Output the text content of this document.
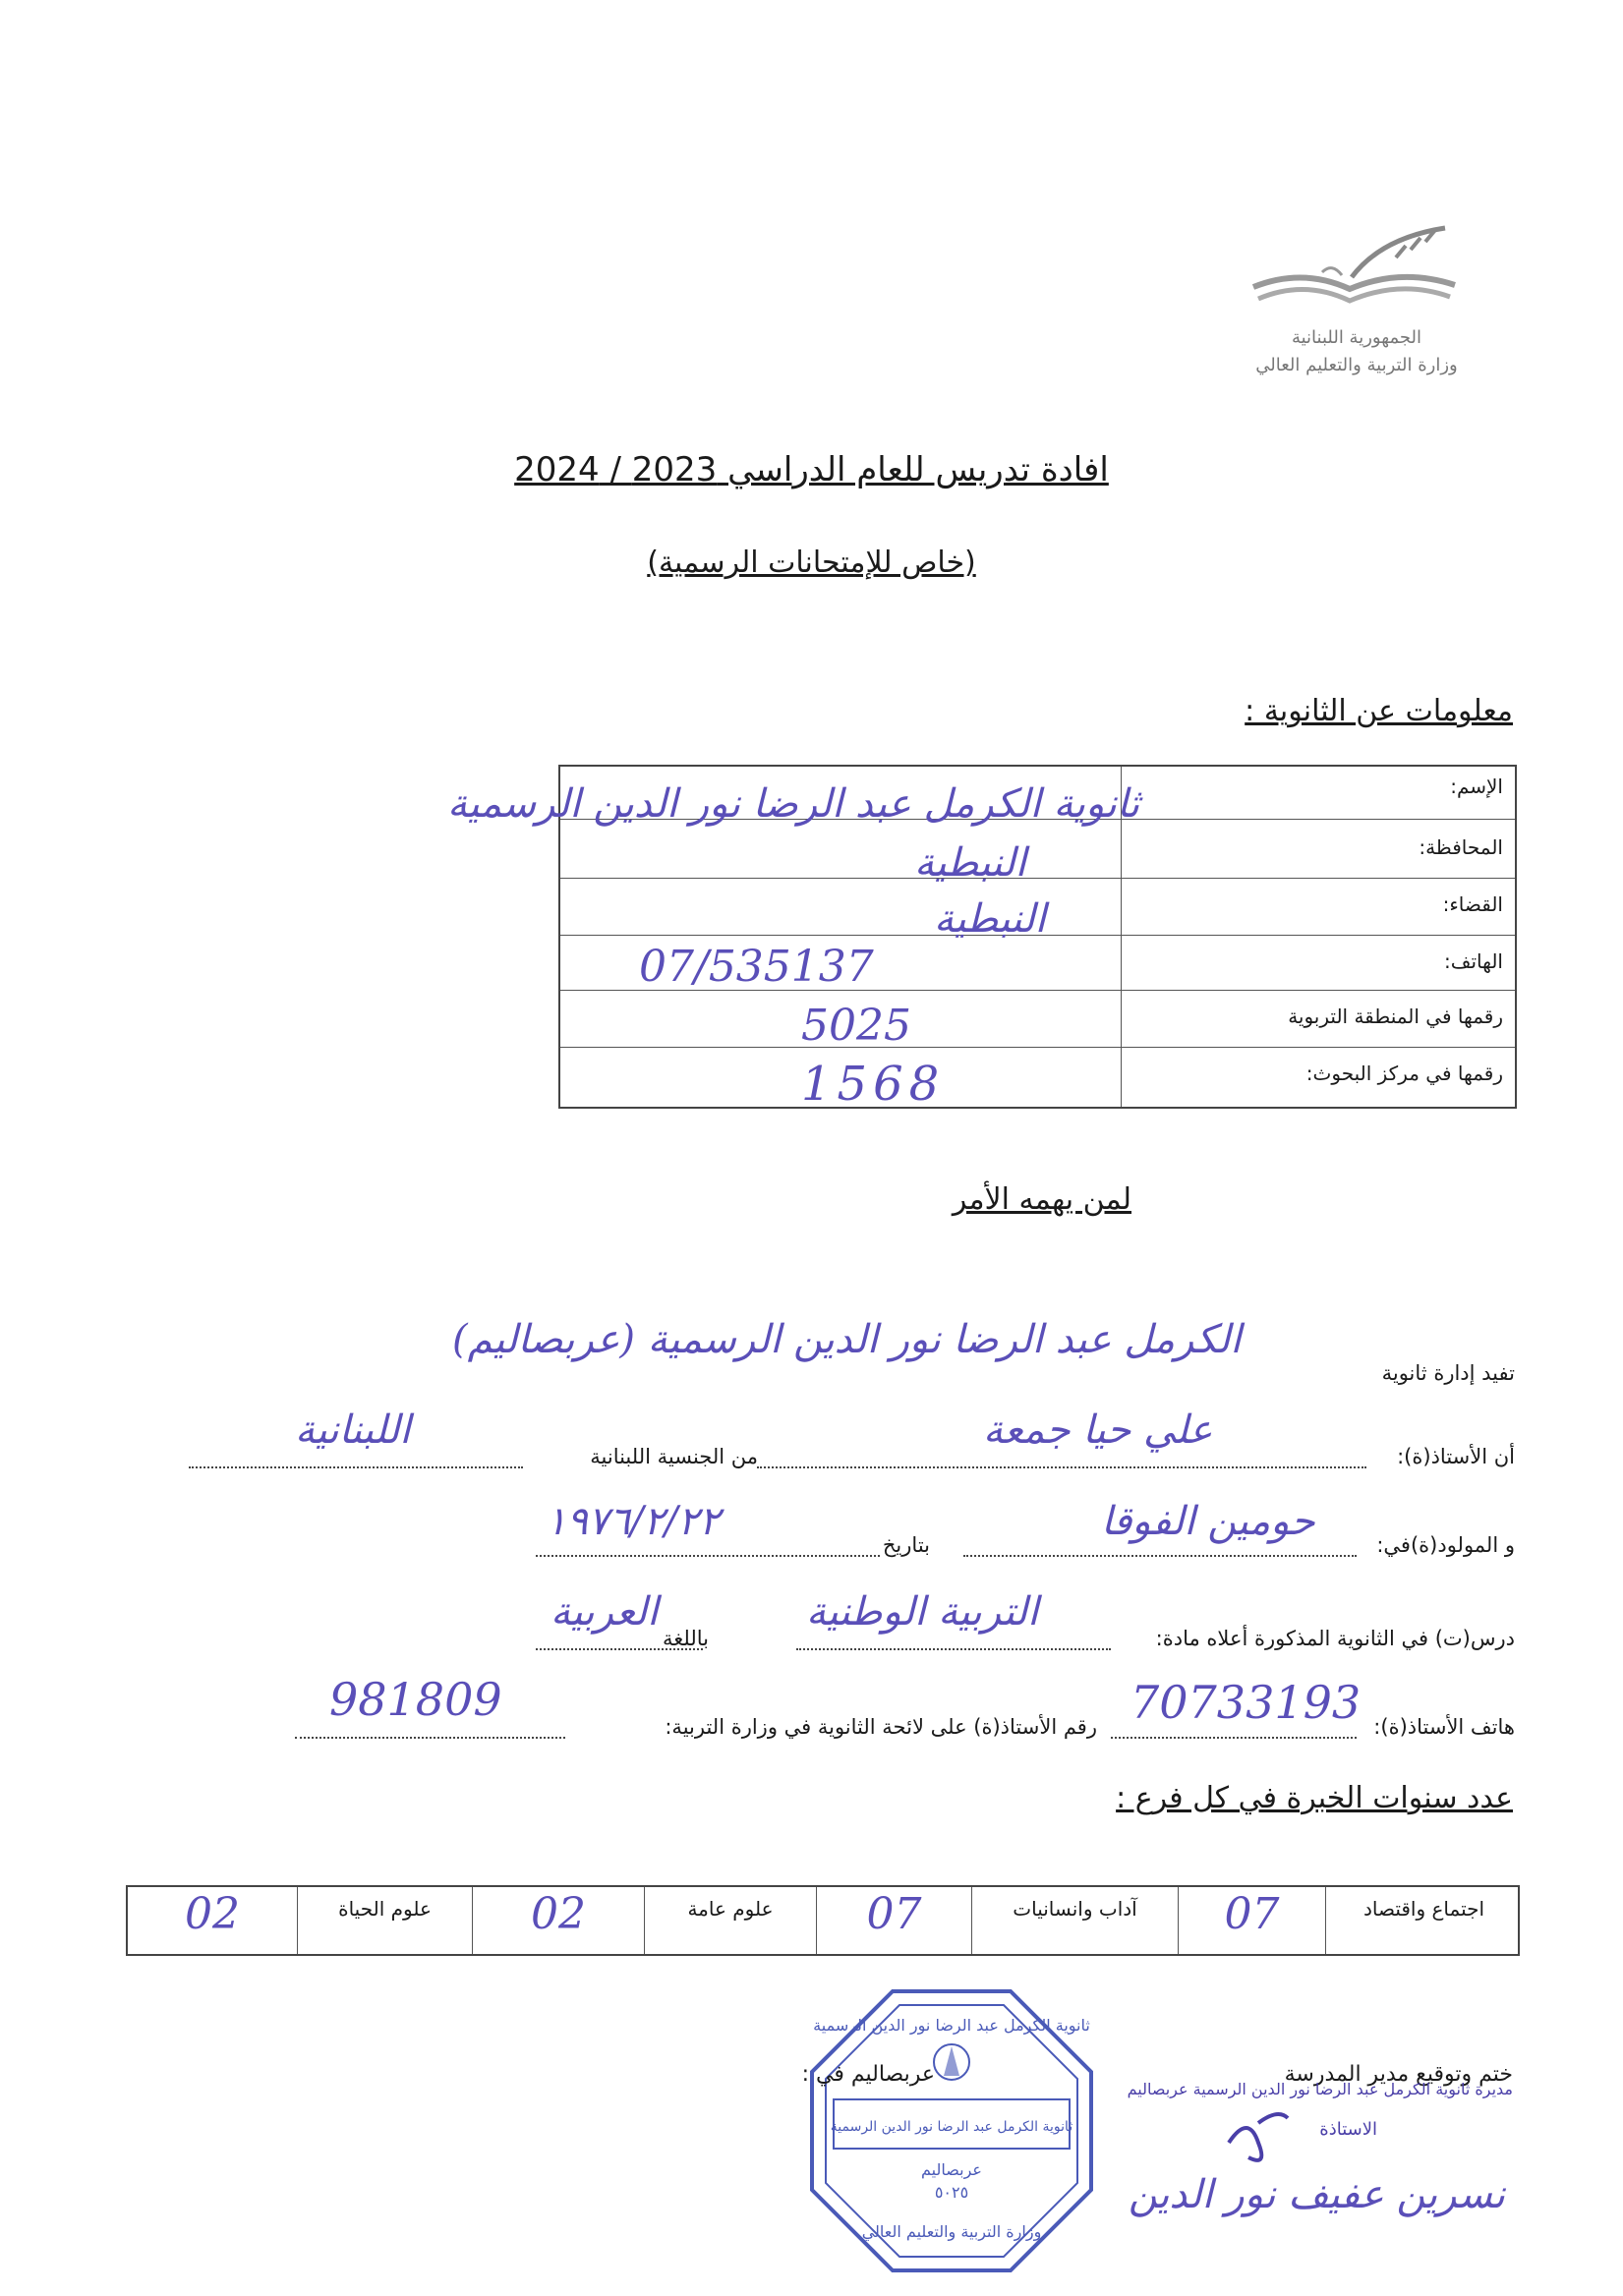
الجمهورية اللبنانية
وزارة التربية والتعليم العالي
افادة تدريس للعام الدراسي 2023 / 2024
(خاص للإمتحانات الرسمية)
معلومات عن الثانوية :
الإسم:
المحافظة:
القضاء:
الهاتف:
رقمها في المنطقة التربوية
رقمها في مركز البحوث:
ثانوية الكرمل عبد الرضا نور الدين الرسمية
النبطية
النبطية
07/535137
5025
1568
لمن يهمه الأمر
تفيد إدارة ثانوية
الكرمل عبد الرضا نور الدين الرسمية (عربصاليم)
أن الأستاذ(ة):
علي حيا جمعة
من الجنسية اللبنانية
اللبنانية
و المولود(ة)في:
حومين الفوقا
بتاريخ
١٩٧٦/٢/٢٢
درس(ت) في الثانوية المذكورة أعلاه مادة:
التربية الوطنية
باللغة
العربية
هاتف الأستاذ(ة):
70733193
رقم الأستاذ(ة) على لائحة الثانوية في وزارة التربية:
981809
عدد سنوات الخبرة في كل فرع :
اجتماع واقتصاد
07
آداب وانسانيات
07
علوم عامة
02
علوم الحياة
02
ثانوية الكرمل عبد الرضا نور الدين الرسمية
ثانوية الكرمل عبد الرضا نور الدين الرسمية
عربصاليم
٥٠٢٥
وزارة التربية والتعليم العالي
ختم وتوقيع مدير المدرسة
عربصاليم في :
مديرة ثانوية الكرمل عبد الرضا نور الدين الرسمية عربصاليم
الاستاذة
نسرين عفيف نور الدين
